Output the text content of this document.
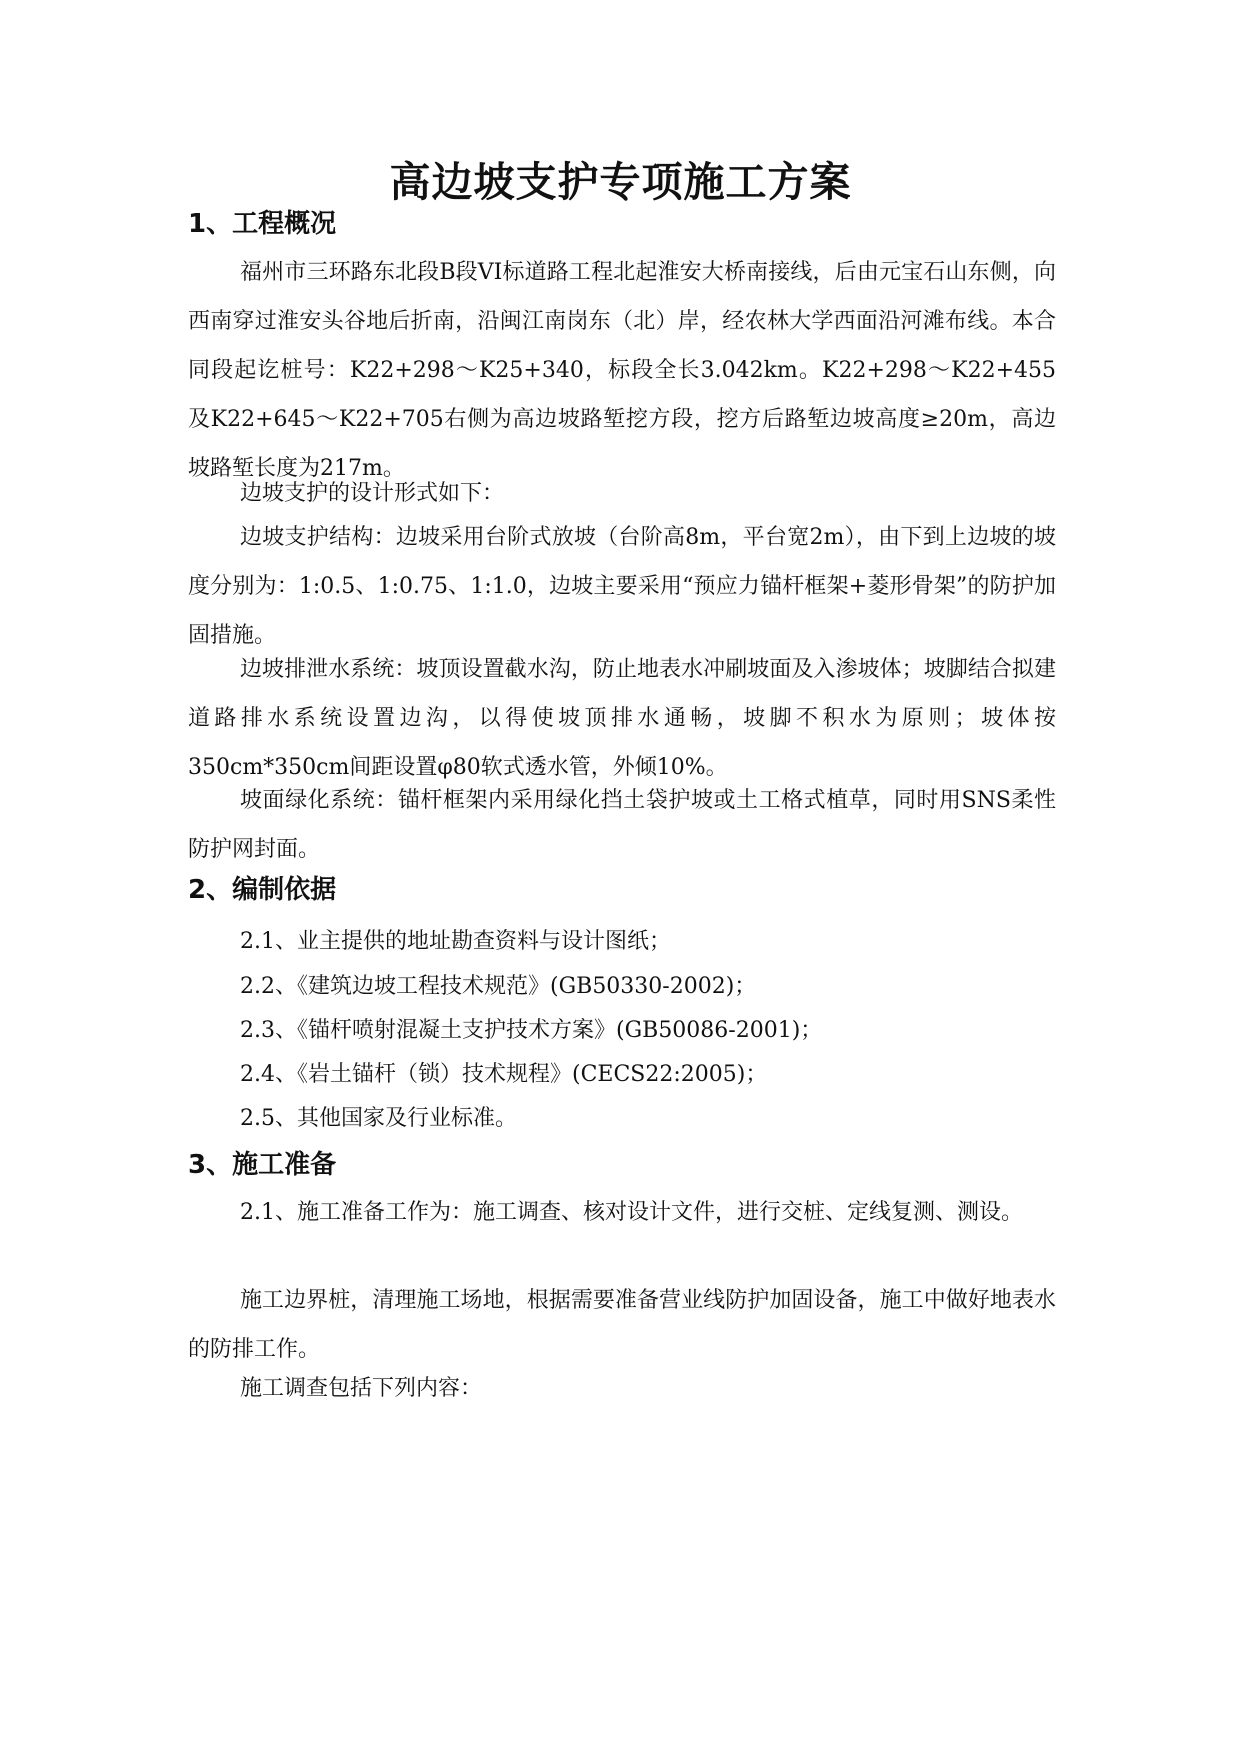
高边坡支护专项施工方案
1、工程概况

福州市三环路东北段B段VI标道路工程北起淮安大桥南接线，后由元宝石山东侧，向西南穿过淮安头谷地后折南，沿闽江南岗东（北）岸，经农林大学西面沿河滩布线。本合同段起讫桩号：K22+298～K25+340，标段全长3.042km。K22+298～K22+455及K22+645～K22+705右侧为高边坡路堑挖方段，挖方后路堑边坡高度≥20m，高边坡路堑长度为217m。

边坡支护的设计形式如下：

边坡支护结构：边坡采用台阶式放坡（台阶高8m，平台宽2m），由下到上边坡的坡度分别为：1:0.5、1:0.75、1:1.0，边坡主要采用“预应力锚杆框架+菱形骨架”的防护加固措施。

边坡排泄水系统：坡顶设置截水沟，防止地表水冲刷坡面及入渗坡体；坡脚结合拟建道路排水系统设置边沟，以得使坡顶排水通畅，坡脚不积水为原则；坡体按350cm*350cm间距设置φ80软式透水管，外倾10%。

坡面绿化系统：锚杆框架内采用绿化挡土袋护坡或土工格式植草，同时用SNS柔性防护网封面。

2、编制依据
2.1、业主提供的地址勘查资料与设计图纸；
2.2、《建筑边坡工程技术规范》(GB50330-2002)；
2.3、《锚杆喷射混凝土支护技术方案》(GB50086-2001)；
2.4、《岩土锚杆（锁）技术规程》(CECS22:2005)；
2.5、其他国家及行业标准。
3、施工准备

2.1、施工准备工作为：施工调查、核对设计文件，进行交桩、定线复测、测设。

施工边界桩，清理施工场地，根据需要准备营业线防护加固设备，施工中做好地表水的防排工作。

施工调查包括下列内容：
